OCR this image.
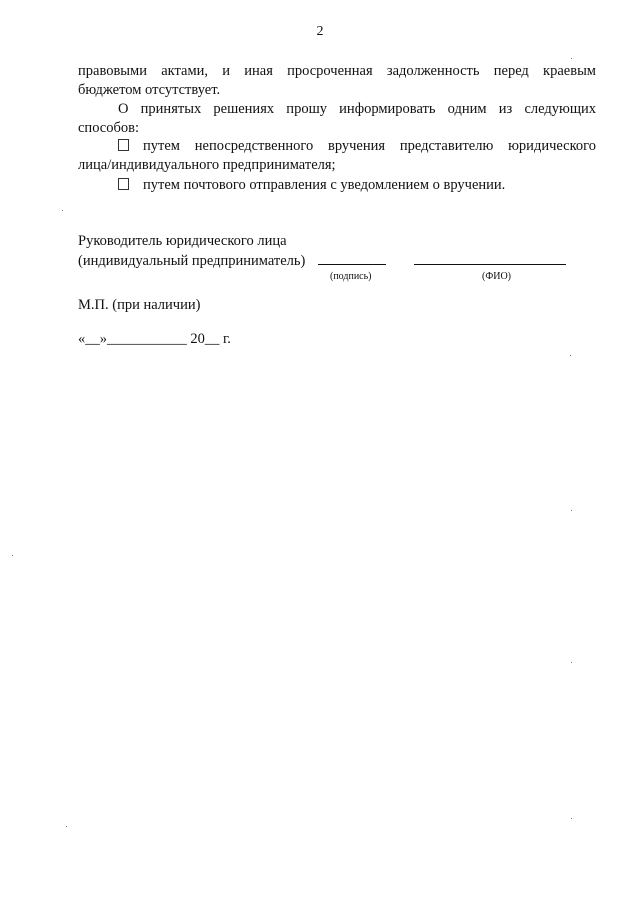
2
правовыми актами, и иная просроченная задолженность перед краевым
бюджетом отсутствует.
О принятых решениях прошу информировать одним из следующих
способов:
путем непосредственного вручения представителю юридического
лица/индивидуального предпринимателя;
путем почтового отправления с уведомлением о вручении.
Руководитель юридического лица
(индивидуальный предприниматель)
(подпись)	(ФИО)
М.П. (при наличии)
«__»___________ 20__ г.
